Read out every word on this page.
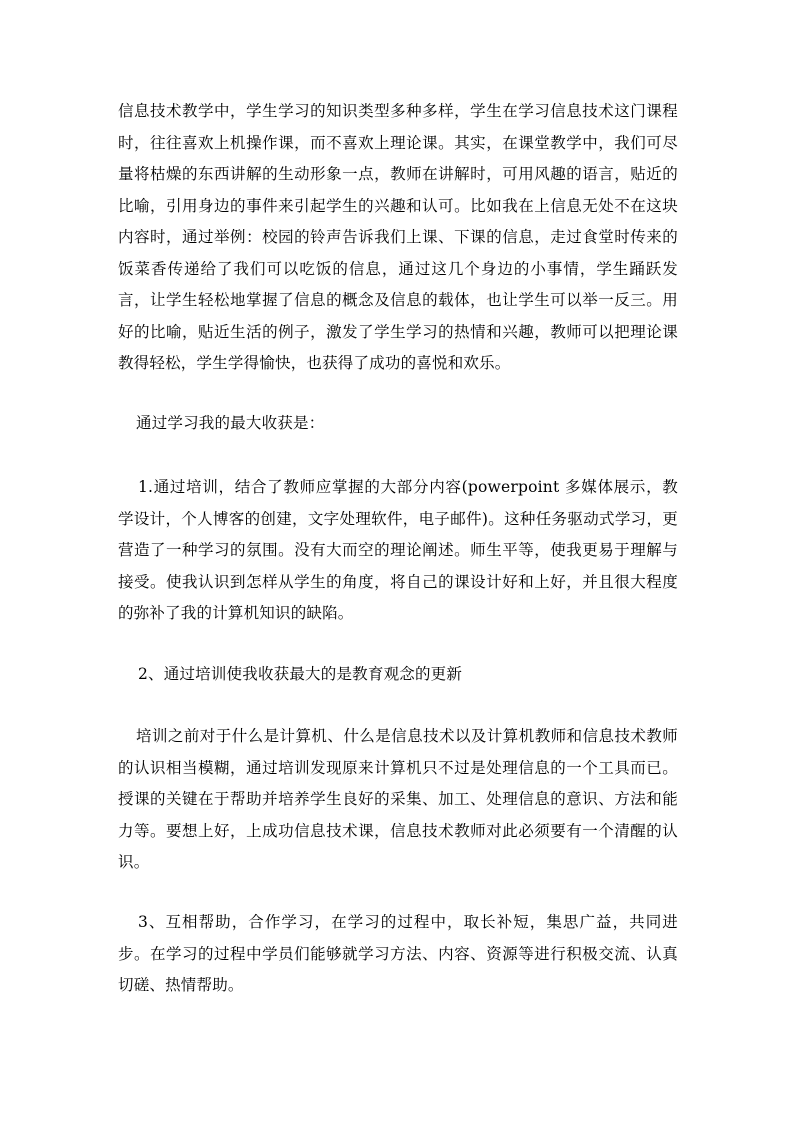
信息技术教学中，学生学习的知识类型多种多样，学生在学习信息技术这门课程时，往往喜欢上机操作课，而不喜欢上理论课。其实，在课堂教学中，我们可尽量将枯燥的东西讲解的生动形象一点，教师在讲解时，可用风趣的语言，贴近的比喻，引用身边的事件来引起学生的兴趣和认可。比如我在上信息无处不在这块内容时，通过举例：校园的铃声告诉我们上课、下课的信息，走过食堂时传来的饭菜香传递给了我们可以吃饭的信息，通过这几个身边的小事情，学生踊跃发言，让学生轻松地掌握了信息的概念及信息的载体，也让学生可以举一反三。用好的比喻，贴近生活的例子，激发了学生学习的热情和兴趣，教师可以把理论课教得轻松，学生学得愉快，也获得了成功的喜悦和欢乐。

通过学习我的最大收获是：

1.通过培训，结合了教师应掌握的大部分内容(powerpoint 多媒体展示，教学设计，个人博客的创建，文字处理软件，电子邮件)。这种任务驱动式学习，更营造了一种学习的氛围。没有大而空的理论阐述。师生平等，使我更易于理解与接受。使我认识到怎样从学生的角度，将自己的课设计好和上好，并且很大程度的弥补了我的计算机知识的缺陷。

2、通过培训使我收获最大的是教育观念的更新

培训之前对于什么是计算机、什么是信息技术以及计算机教师和信息技术教师的认识相当模糊，通过培训发现原来计算机只不过是处理信息的一个工具而已。授课的关键在于帮助并培养学生良好的采集、加工、处理信息的意识、方法和能力等。要想上好，上成功信息技术课，信息技术教师对此必须要有一个清醒的认识。

3、互相帮助，合作学习，在学习的过程中，取长补短，集思广益，共同进步。在学习的过程中学员们能够就学习方法、内容、资源等进行积极交流、认真切磋、热情帮助。
